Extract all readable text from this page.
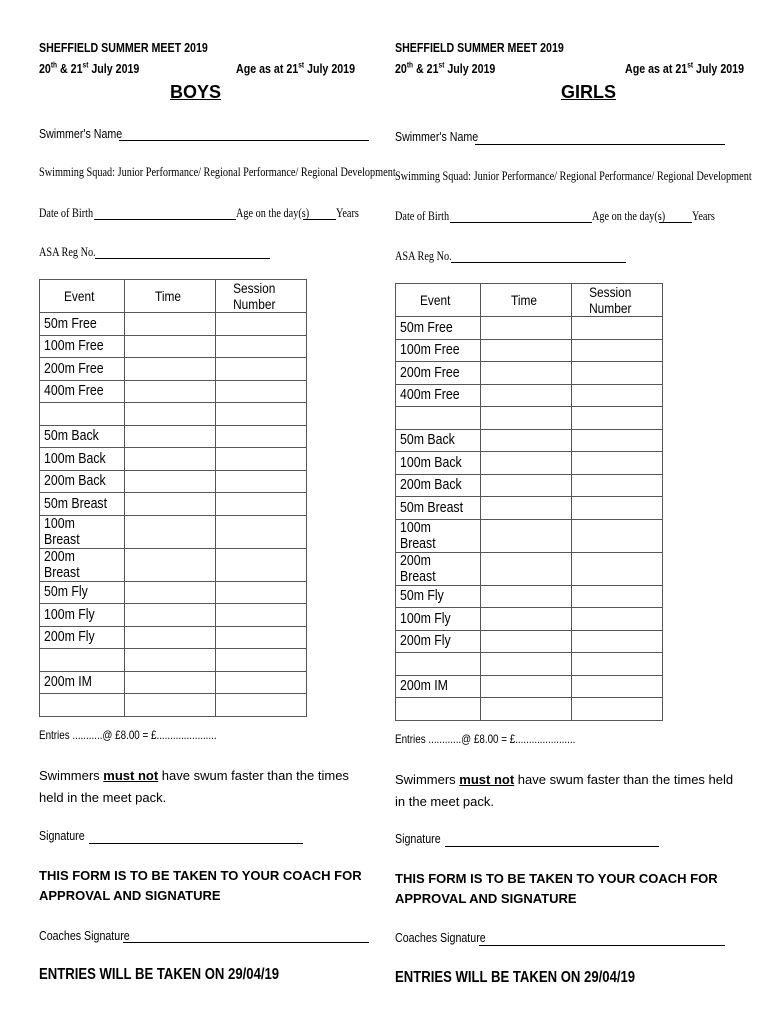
SHEFFIELD SUMMER MEET 2019
20th & 21st July 2019	Age as at 21st July 2019
BOYS
Swimmer's Name
Swimming Squad: Junior Performance/ Regional Performance/ Regional Development
Date of Birth	Age on the day(s)	Years
ASA Reg No.
Event	Time	Session Number
50m Free		
100m Free		
200m Free		
400m Free		

50m Back		
100m Back		
200m Back		
50m Breast		
100m Breast		
200m Breast		
50m Fly		
100m Fly		
200m Fly		

200m IM		

Entries ...........@ £8.00 = £......................
Swimmers must not have swum faster than the times held in the meet pack.
Signature
THIS FORM IS TO BE TAKEN TO YOUR COACH FOR APPROVAL AND SIGNATURE
Coaches Signature
ENTRIES WILL BE TAKEN ON 29/04/19
SHEFFIELD SUMMER MEET 2019
20th & 21st July 2019	Age as at 21st July 2019
GIRLS
Swimmer's Name
Swimming Squad: Junior Performance/ Regional Performance/ Regional Development
Date of Birth	Age on the day(s)	Years
ASA Reg No.
Event	Time	Session Number
50m Free		
100m Free		
200m Free		
400m Free		

50m Back		
100m Back		
200m Back		
50m Breast		
100m Breast		
200m Breast		
50m Fly		
100m Fly		
200m Fly		

200m IM		

Entries ............@ £8.00 = £......................
Swimmers must not have swum faster than the times held in the meet pack.
Signature
THIS FORM IS TO BE TAKEN TO YOUR COACH FOR APPROVAL AND SIGNATURE
Coaches Signature
ENTRIES WILL BE TAKEN ON 29/04/19
